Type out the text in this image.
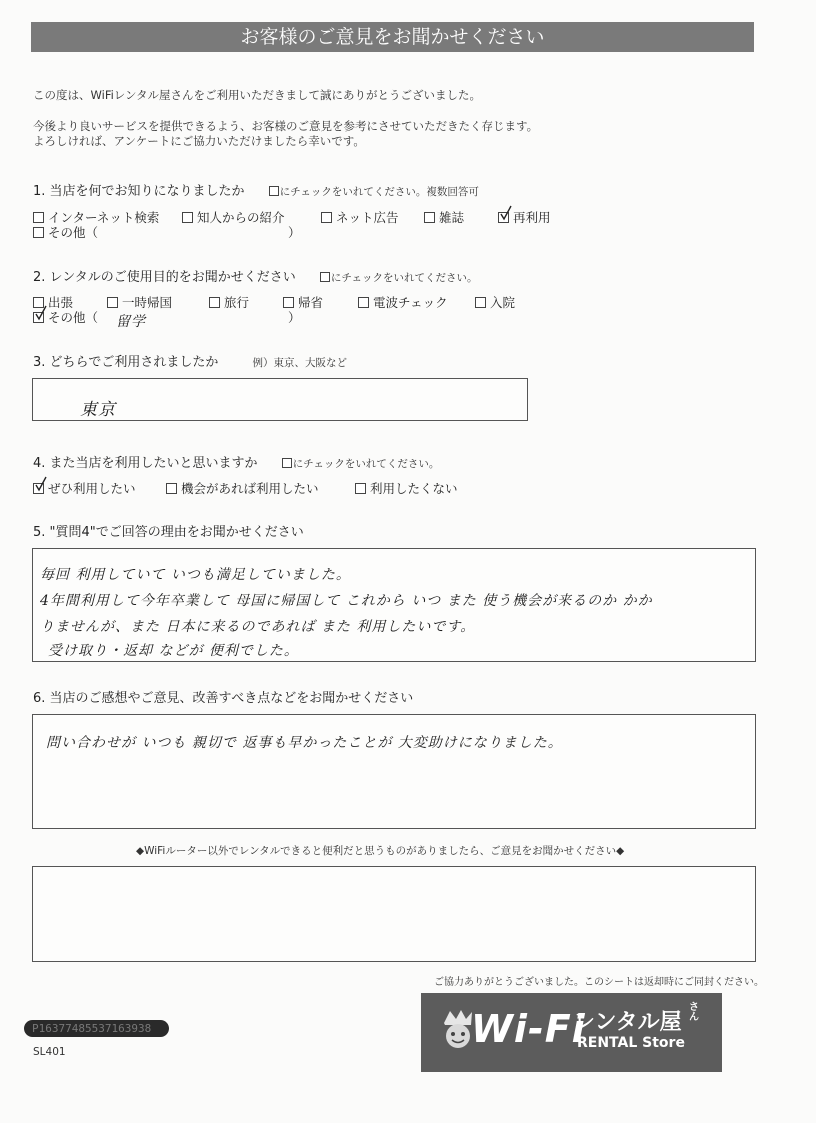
お客様のご意見をお聞かせください
この度は、WiFiレンタル屋さんをご利用いただきまして誠にありがとうございました。
今後より良いサービスを提供できるよう、お客様のご意見を参考にさせていただきたく存じます。
よろしければ、アンケートにご協力いただけましたら幸いです。
1. 当店を何でお知りになりましたか	にチェックをいれてください。複数回答可
インターネット検索	知人からの紹介	ネット広告	雑誌	再利用
その他（	）
2. レンタルのご使用目的をお聞かせください	にチェックをいれてください。
出張	一時帰国	旅行	帰省	電波チェック	入院
その他（ 留学	）
3. どちらでご利用されましたか	例）東京、大阪など
東京
4. また当店を利用したいと思いますか	にチェックをいれてください。
ぜひ利用したい	機会があれば利用したい	利用したくない
5. "質問4"でご回答の理由をお聞かせください
毎回 利用していて いつも満足していました。
4年間利用して今年卒業して 母国に帰国して これから いつ また 使う機会が来るのか かか
りませんが、また 日本に来るのであれば また 利用したいです。
受け取り・返却 などが 便利でした。
6. 当店のご感想やご意見、改善すべき点などをお聞かせください
問い合わせが いつも 親切で 返事も早かったことが 大変助けになりました。
◆WiFiルーター以外でレンタルできると便利だと思うものがありましたら、ご意見をお聞かせください◆
ご協力ありがとうございました。このシートは返却時にご同封ください。
P16377485537163938
SL401
Wi-Fi
レンタル屋
さん
RENTAL Store
